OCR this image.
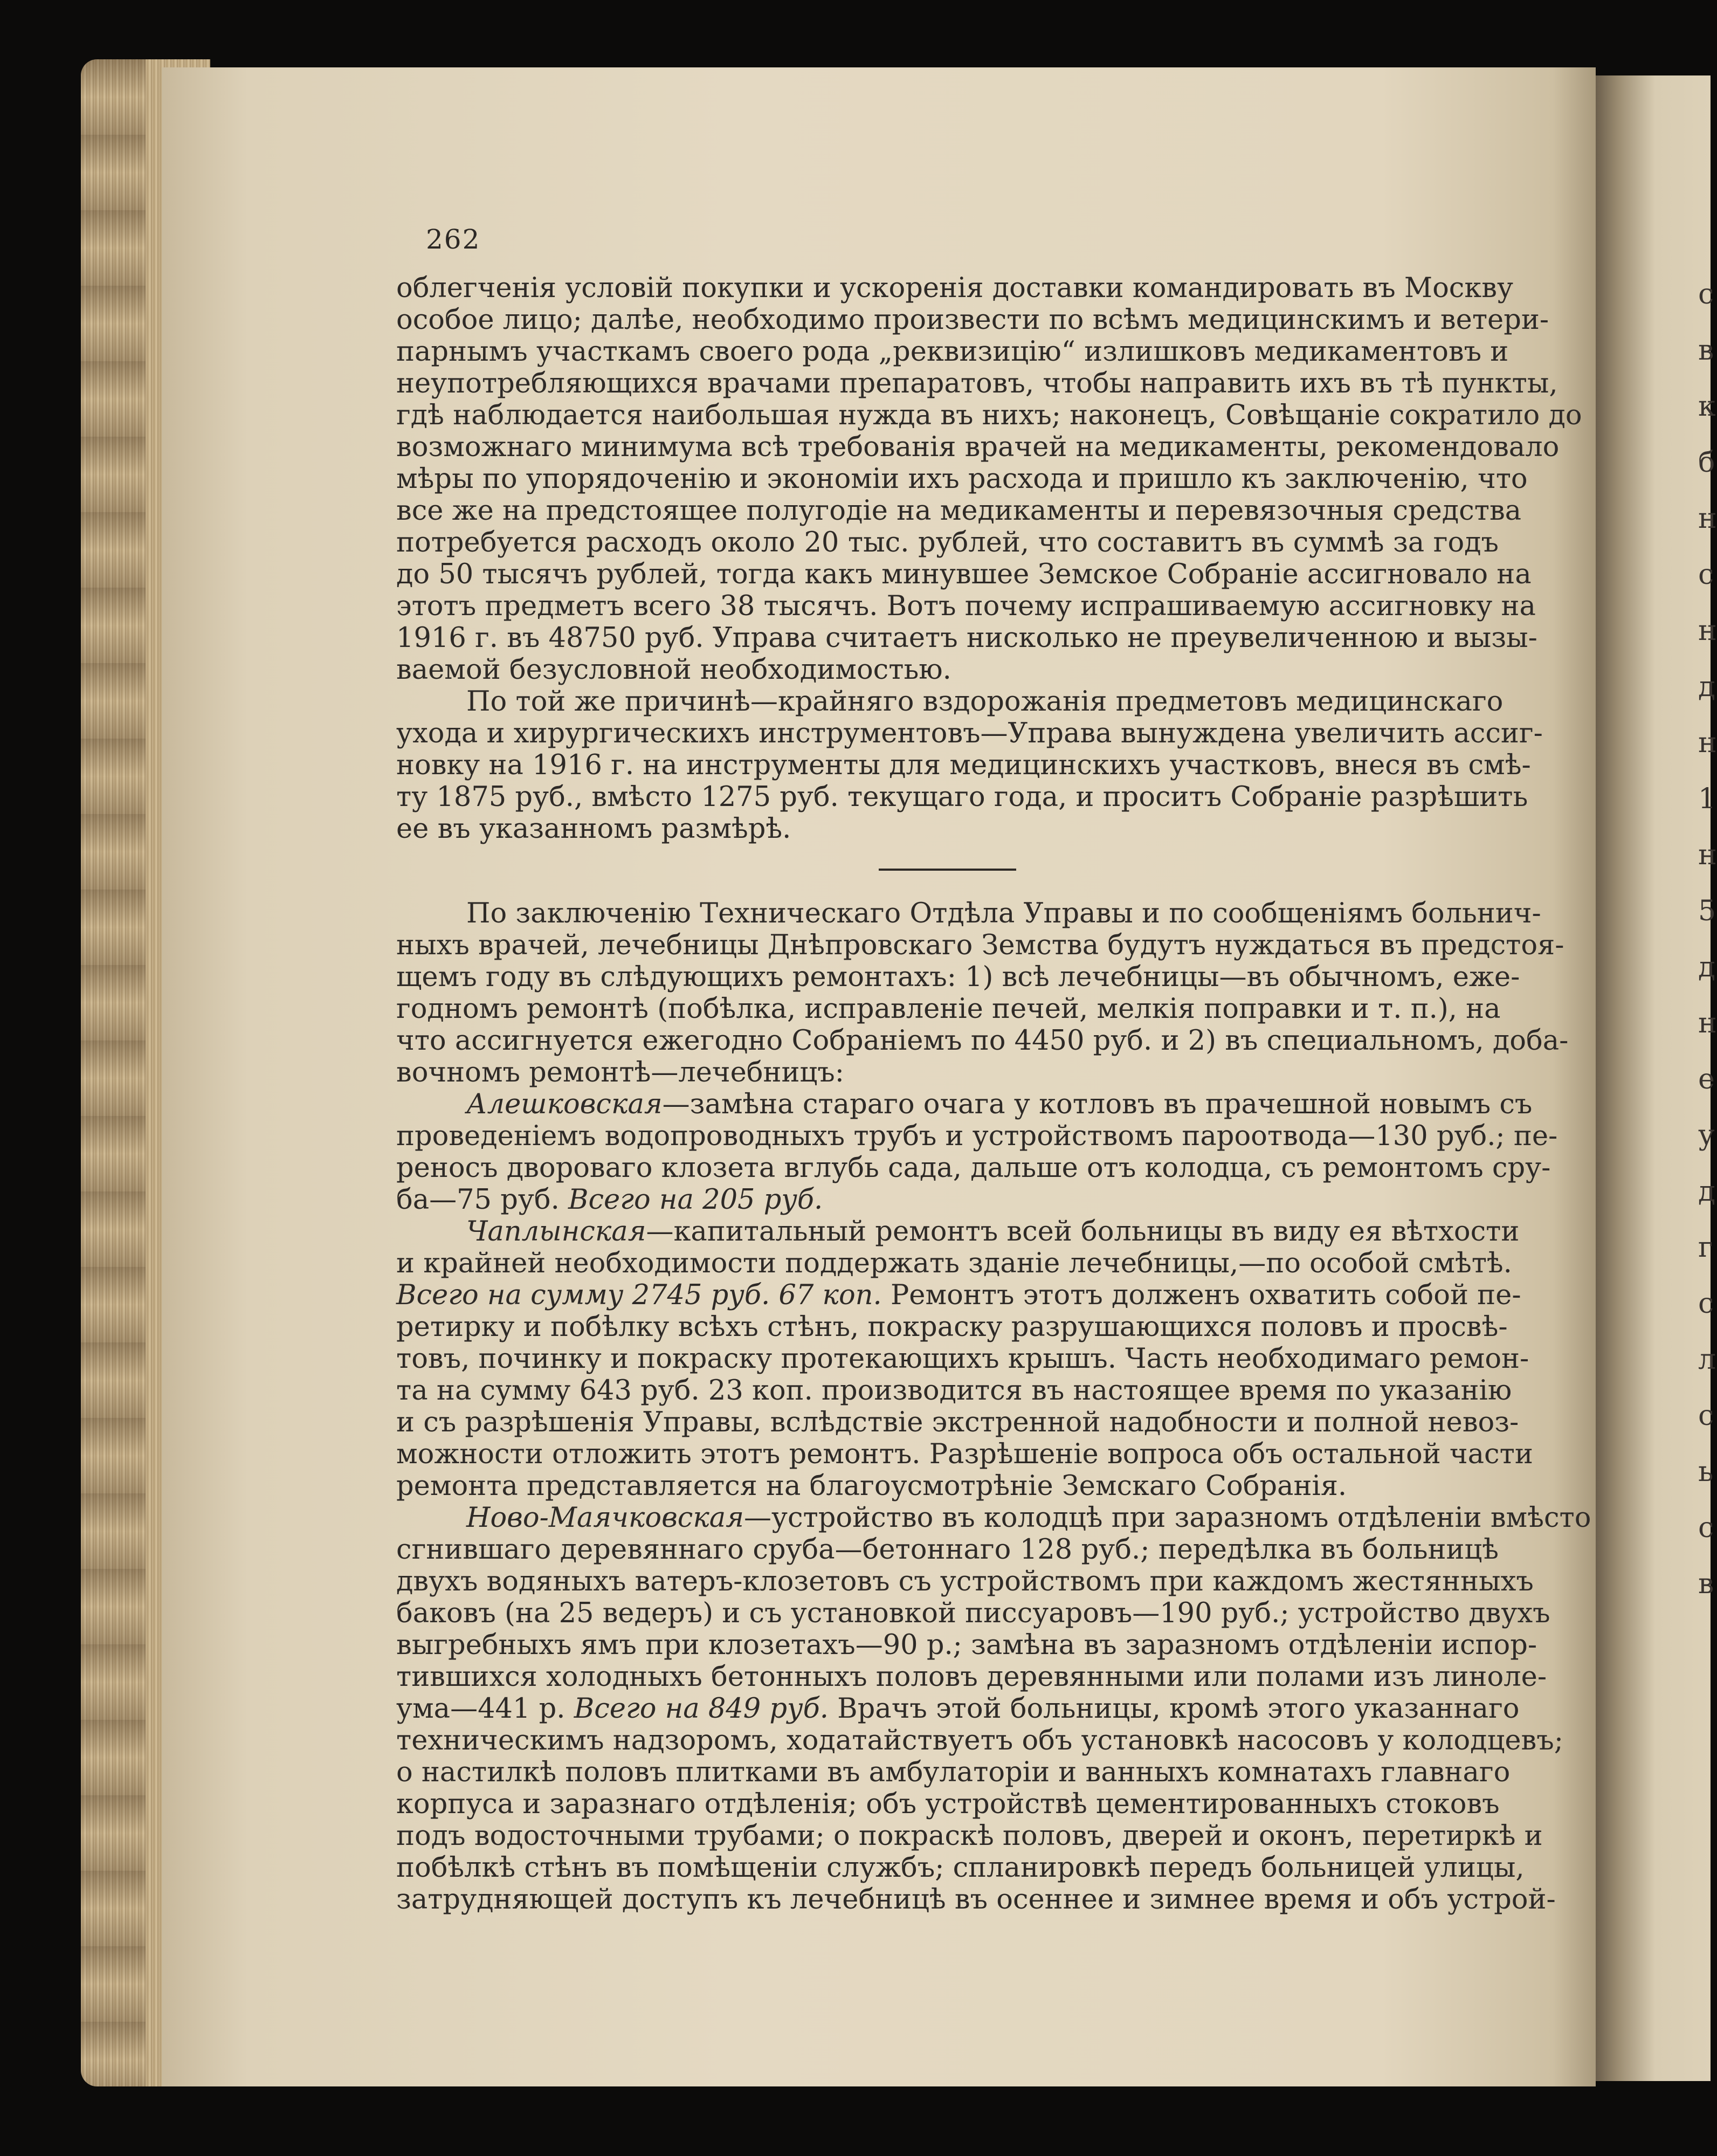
с
в
к
б
н
с
н
д
н
1
н
5
д
н
е
у
д
г
с
л
с
ь
с
в
262
облегченія условій покупки и ускоренія доставки командировать въ Москву
особое лицо; далѣе, необходимо произвести по всѣмъ медицинскимъ и ветери-
парнымъ участкамъ своего рода „реквизицію“ излишковъ медикаментовъ и
неупотребляющихся врачами препаратовъ, чтобы направить ихъ въ тѣ пункты,
гдѣ наблюдается наибольшая нужда въ нихъ; наконецъ, Совѣщаніе сократило до
возможнаго минимума всѣ требованія врачей на медикаменты, рекомендовало
мѣры по упорядоченію и экономіи ихъ расхода и пришло къ заключенію, что
все же на предстоящее полугодіе на медикаменты и перевязочныя средства
потребуется расходъ около 20 тыс. рублей, что составитъ въ суммѣ за годъ
до 50 тысячъ рублей, тогда какъ минувшее Земское Собраніе ассигновало на
этотъ предметъ всего 38 тысячъ. Вотъ почему испрашиваемую ассигновку на
1916 г. въ 48750 руб. Управа считаетъ нисколько не преувеличенною и вызы-
ваемой безусловной необходимостью.
По той же причинѣ—крайняго вздорожанія предметовъ медицинскаго
ухода и хирургическихъ инструментовъ—Управа вынуждена увеличить ассиг-
новку на 1916 г. на инструменты для медицинскихъ участковъ, внеся въ смѣ-
ту 1875 руб., вмѣсто 1275 руб. текущаго года, и проситъ Собраніе разрѣшить
ее въ указанномъ размѣрѣ.
По заключенію Техническаго Отдѣла Управы и по сообщеніямъ больнич-
ныхъ врачей, лечебницы Днѣпровскаго Земства будутъ нуждаться въ предстоя-
щемъ году въ слѣдующихъ ремонтахъ: 1) всѣ лечебницы—въ обычномъ, еже-
годномъ ремонтѣ (побѣлка, исправленіе печей, мелкія поправки и т. п.), на
что ассигнуется ежегодно Собраніемъ по 4450 руб. и 2) въ специальномъ, доба-
вочномъ ремонтѣ—лечебницъ:
Алешковская—замѣна стараго очага у котловъ въ прачешной новымъ съ
проведеніемъ водопроводныхъ трубъ и устройствомъ пароотвода—130 руб.; пе-
реносъ двороваго клозета вглубь сада, дальше отъ колодца, съ ремонтомъ сру-
ба—75 руб. Всего на 205 руб.
Чаплынская—капитальный ремонтъ всей больницы въ виду ея вѣтхости
и крайней необходимости поддержать зданіе лечебницы,—по особой смѣтѣ.
Всего на сумму 2745 руб. 67 коп. Ремонтъ этотъ долженъ охватить собой пе-
ретирку и побѣлку всѣхъ стѣнъ, покраску разрушающихся половъ и просвѣ-
товъ, починку и покраску протекающихъ крышъ. Часть необходимаго ремон-
та на сумму 643 руб. 23 коп. производится въ настоящее время по указанію
и съ разрѣшенія Управы, вслѣдствіе экстренной надобности и полной невоз-
можности отложить этотъ ремонтъ. Разрѣшеніе вопроса объ остальной части
ремонта представляется на благоусмотрѣніе Земскаго Собранія.
Ново-Маячковская—устройство въ колодцѣ при заразномъ отдѣленіи вмѣсто
сгнившаго деревяннаго сруба—бетоннаго 128 руб.; передѣлка въ больницѣ
двухъ водяныхъ ватеръ-клозетовъ съ устройствомъ при каждомъ жестянныхъ
баковъ (на 25 ведеръ) и съ установкой писсуаровъ—190 руб.; устройство двухъ
выгребныхъ ямъ при клозетахъ—90 р.; замѣна въ заразномъ отдѣленіи испор-
тившихся холодныхъ бетонныхъ половъ деревянными или полами изъ линоле-
ума—441 р. Всего на 849 руб. Врачъ этой больницы, кромѣ этого указаннаго
техническимъ надзоромъ, ходатайствуетъ объ установкѣ насосовъ у колодцевъ;
о настилкѣ половъ плитками въ амбулаторіи и ванныхъ комнатахъ главнаго
корпуса и заразнаго отдѣленія; объ устройствѣ цементированныхъ стоковъ
подъ водосточными трубами; о покраскѣ половъ, дверей и оконъ, перетиркѣ и
побѣлкѣ стѣнъ въ помѣщеніи службъ; спланировкѣ передъ больницей улицы,
затрудняющей доступъ къ лечебницѣ въ осеннее и зимнее время и объ устрой-
